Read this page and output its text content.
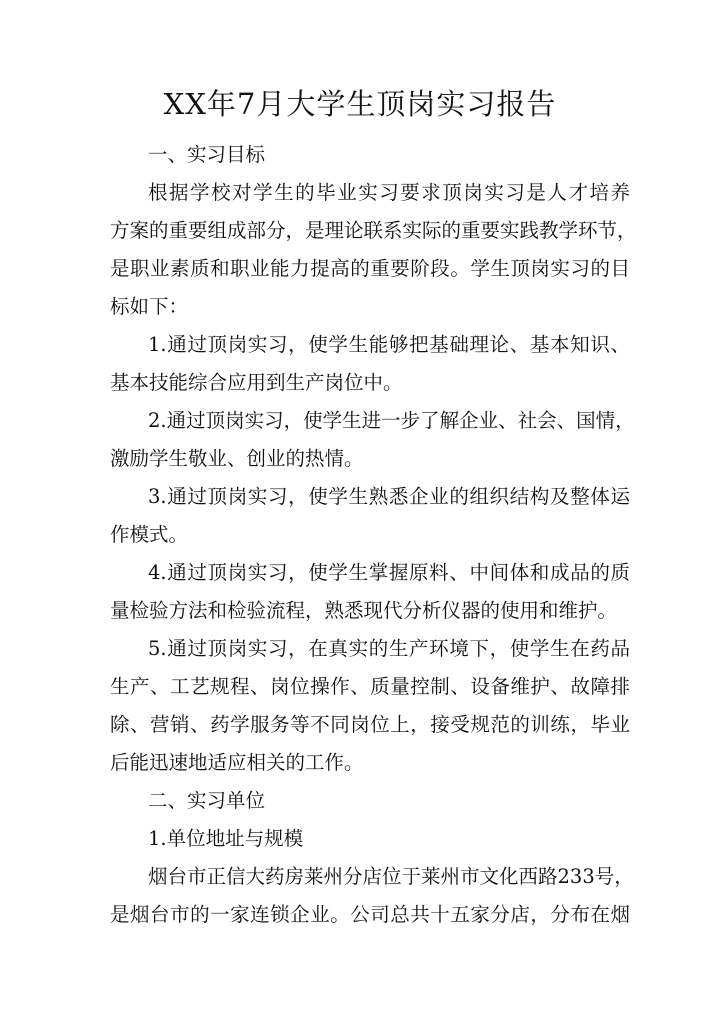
XX年7月大学生顶岗实习报告
一、实习目标
根据学校对学生的毕业实习要求顶岗实习是人才培养
方案的重要组成部分，是理论联系实际的重要实践教学环节，
是职业素质和职业能力提高的重要阶段。学生顶岗实习的目
标如下：
1.通过顶岗实习，使学生能够把基础理论、基本知识、
基本技能综合应用到生产岗位中。
2.通过顶岗实习，使学生进一步了解企业、社会、国情，
激励学生敬业、创业的热情。
3.通过顶岗实习，使学生熟悉企业的组织结构及整体运
作模式。
4.通过顶岗实习，使学生掌握原料、中间体和成品的质
量检验方法和检验流程，熟悉现代分析仪器的使用和维护。
5.通过顶岗实习，在真实的生产环境下，使学生在药品
生产、工艺规程、岗位操作、质量控制、设备维护、故障排
除、营销、药学服务等不同岗位上，接受规范的训练，毕业
后能迅速地适应相关的工作。
二、实习单位
1.单位地址与规模
烟台市正信大药房莱州分店位于莱州市文化西路233号，
是烟台市的一家连锁企业。公司总共十五家分店，分布在烟
